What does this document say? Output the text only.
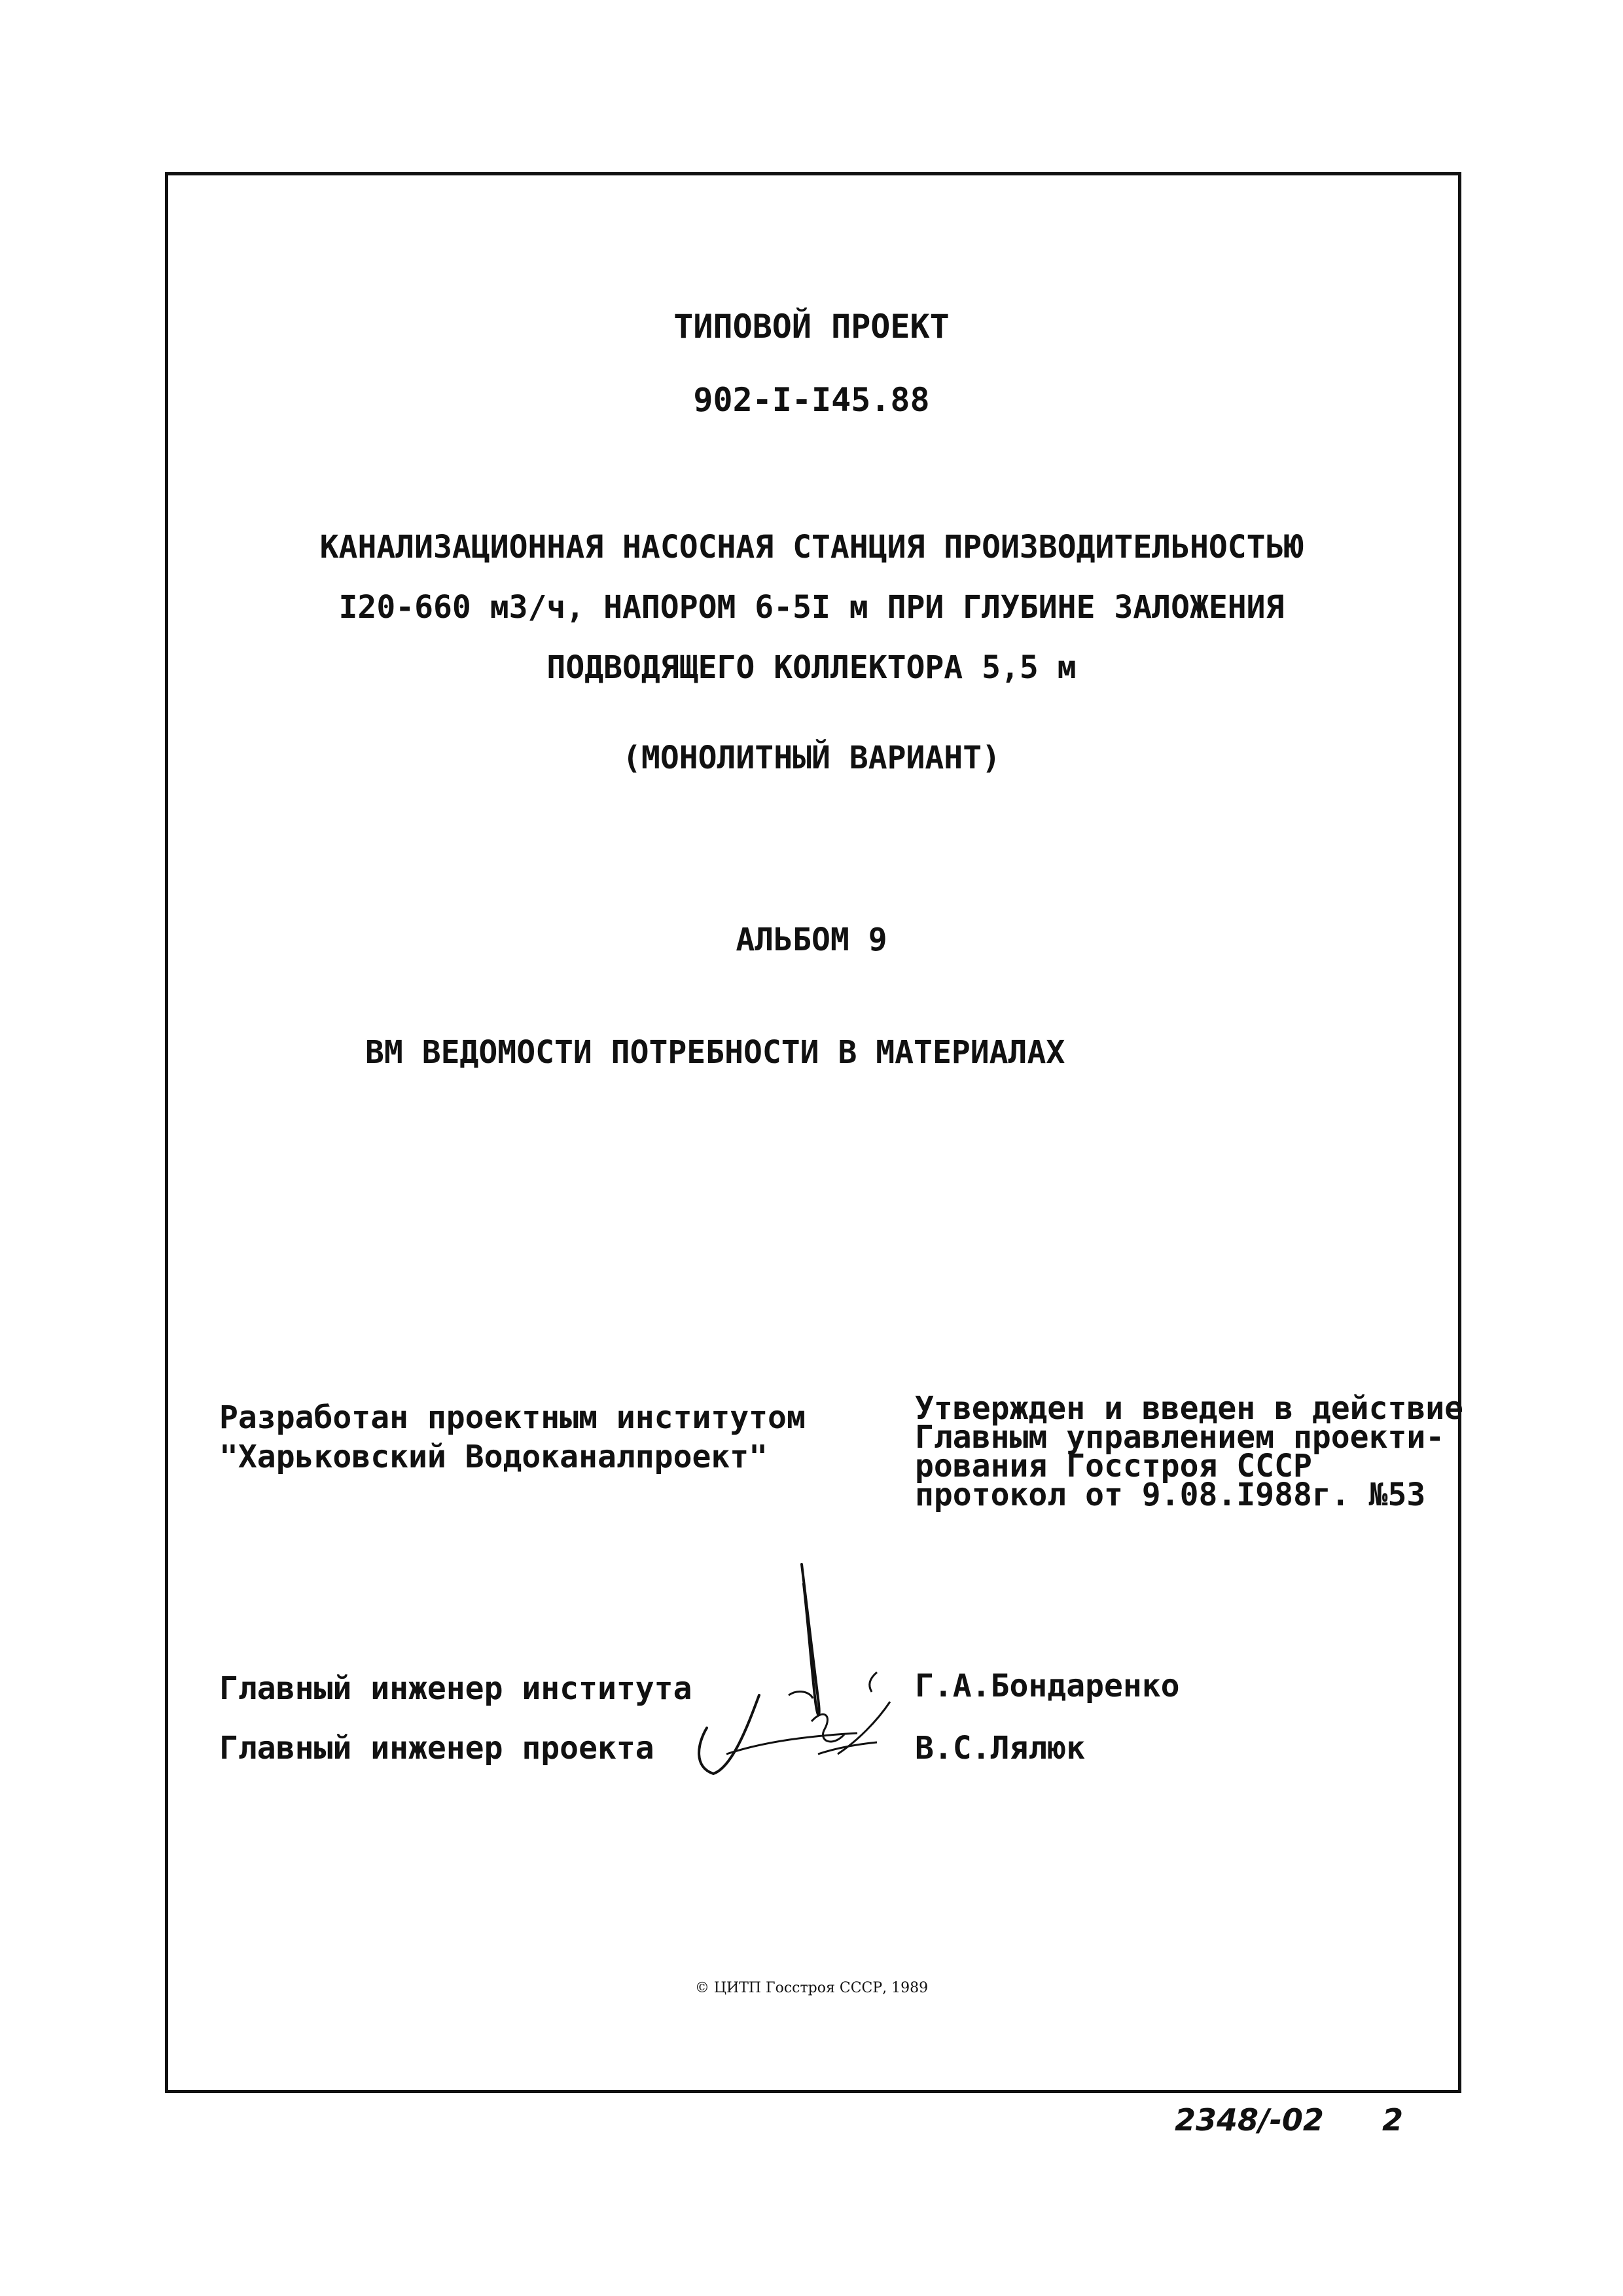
ТИПОВОЙ ПРОЕКТ
902-I-I45.88
КАНАЛИЗАЦИОННАЯ НАСОСНАЯ СТАНЦИЯ ПРОИЗВОДИТЕЛЬНОСТЬЮ
I20-660 м3/ч, НАПОРОМ 6-5I м ПРИ ГЛУБИНЕ ЗАЛОЖЕНИЯ
ПОДВОДЯЩЕГО КОЛЛЕКТОРА 5,5 м
(МОНОЛИТНЫЙ ВАРИАНТ)
АЛЬБОМ 9
ВМ ВЕДОМОСТИ ПОТРЕБНОСТИ В МАТЕРИАЛАХ
Разработан проектным институтом
"Харьковский Водоканалпроект"
Утвержден и введен в действие
Главным управлением проекти-
рования Госстроя СССР
протокол от 9.08.I988г. №53
Главный инженер института	Г.А.Бондаренко
Главный инженер проекта	В.С.Лялюк
© ЦИТП Госстроя СССР, 1989
2348/-02 2
